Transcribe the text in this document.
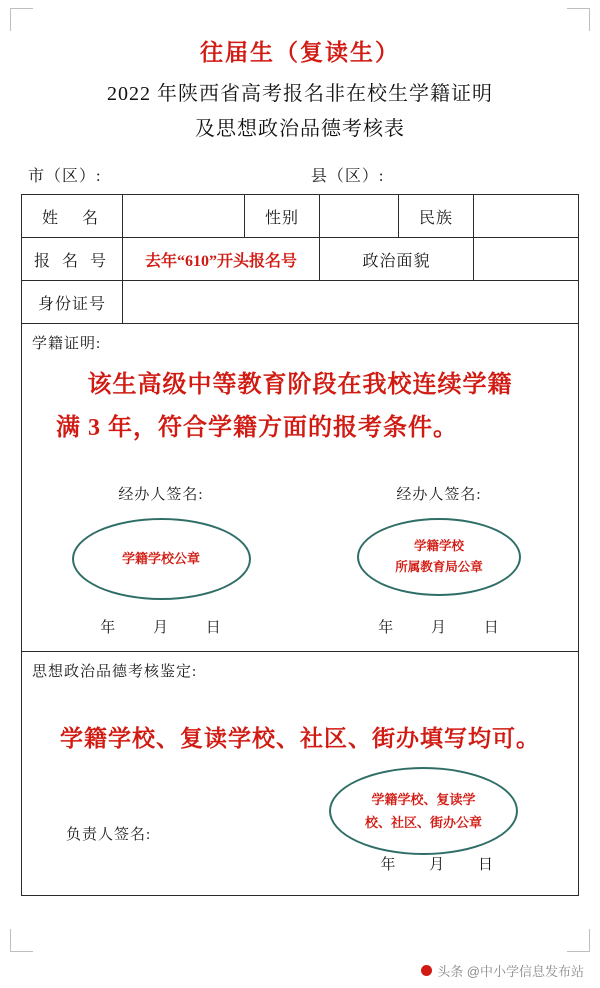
往届生（复读生）
2022 年陕西省高考报名非在校生学籍证明
及思想政治品德考核表
市（区）:	县（区）:
姓　名		性别		民族	
报 名 号	去年“610”开头报名号		政治面貌		
身份证号					
学籍证明:
该生高级中等教育阶段在我校连续学籍
满 3 年，符合学籍方面的报考条件。
经办人签名:	经办人签名:
学籍学校公章
学籍学校
所属教育局公章
年 月 日	年 月 日
思想政治品德考核鉴定:
学籍学校、复读学校、社区、街办填写均可。
学籍学校、复读学
校、社区、街办公章
负责人签名:
年 月 日
头条 @中小学信息发布站
